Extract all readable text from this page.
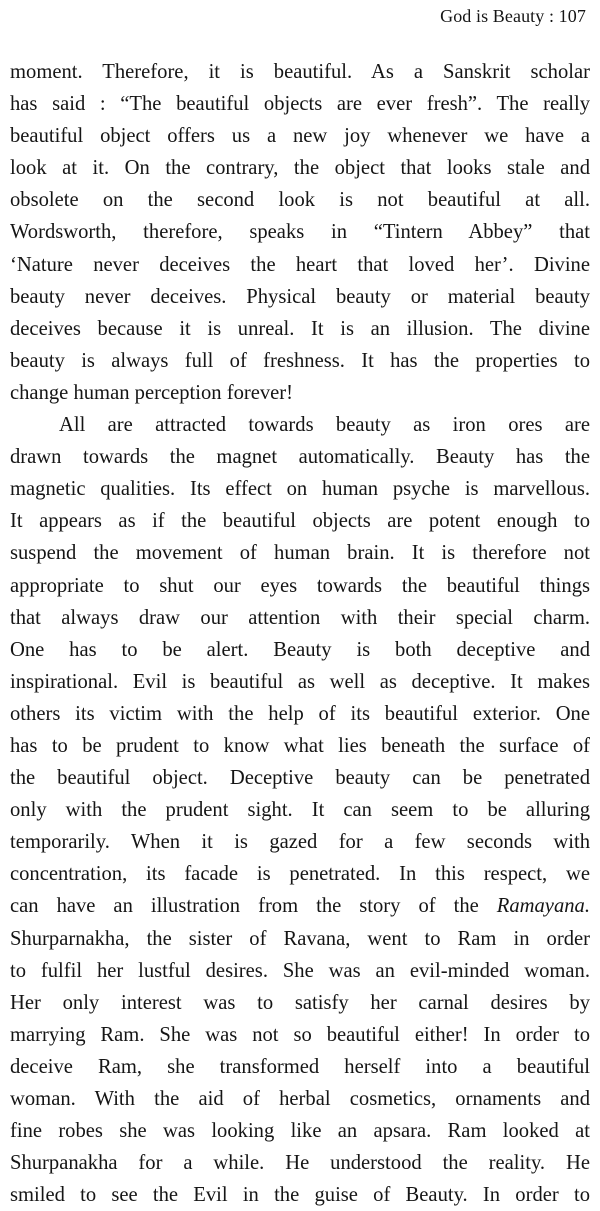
God is Beauty : 107
moment. Therefore, it is beautiful. As a Sanskrit scholar
has said : “The beautiful objects are ever fresh”. The really
beautiful object offers us a new joy whenever we have a
look at it. On the contrary, the object that looks stale and
obsolete on the second look is not beautiful at all.
Wordsworth, therefore, speaks in “Tintern Abbey” that
‘Nature never deceives the heart that loved her’. Divine
beauty never deceives. Physical beauty or material beauty
deceives because it is unreal. It is an illusion. The divine
beauty is always full of freshness. It has the properties to
change human perception forever!
All are attracted towards beauty as iron ores are
drawn towards the magnet automatically. Beauty has the
magnetic qualities. Its effect on human psyche is marvellous.
It appears as if the beautiful objects are potent enough to
suspend the movement of human brain. It is therefore not
appropriate to shut our eyes towards the beautiful things
that always draw our attention with their special charm.
One has to be alert. Beauty is both deceptive and
inspirational. Evil is beautiful as well as deceptive. It makes
others its victim with the help of its beautiful exterior. One
has to be prudent to know what lies beneath the surface of
the beautiful object. Deceptive beauty can be penetrated
only with the prudent sight. It can seem to be alluring
temporarily. When it is gazed for a few seconds with
concentration, its facade is penetrated. In this respect, we
can have an illustration from the story of the Ramayana.
Shurparnakha, the sister of Ravana, went to Ram in order
to fulfil her lustful desires. She was an evil-minded woman.
Her only interest was to satisfy her carnal desires by
marrying Ram. She was not so beautiful either! In order to
deceive Ram, she transformed herself into a beautiful
woman. With the aid of herbal cosmetics, ornaments and
fine robes she was looking like an apsara. Ram looked at
Shurpanakha for a while. He understood the reality. He
smiled to see the Evil in the guise of Beauty. In order to
